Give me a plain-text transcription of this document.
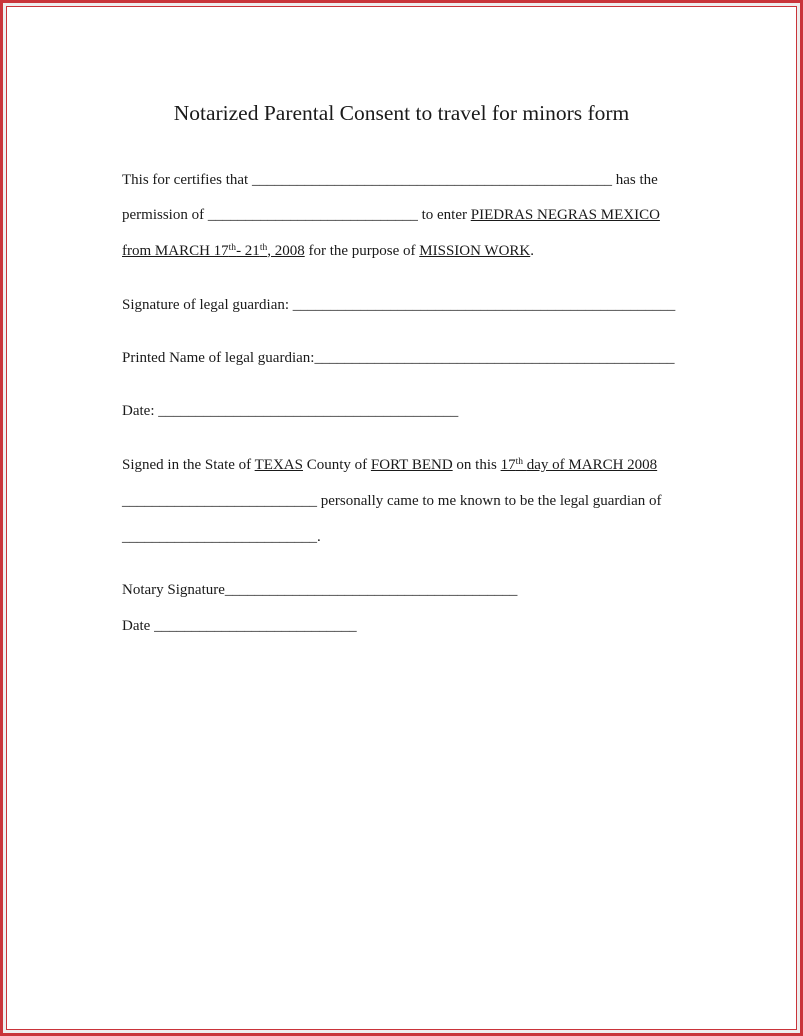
Notarized Parental Consent to travel for minors form
This for certifies that ________________________________________________ has the
permission of ____________________________ to enter PIEDRAS NEGRAS MEXICO
from MARCH 17th- 21th, 2008 for the purpose of MISSION WORK.
Signature of legal guardian: ___________________________________________________
Printed Name of legal guardian:________________________________________________
Date: ________________________________________
Signed in the State of TEXAS County of FORT BEND on this 17th day of MARCH 2008
__________________________ personally came to me known to be the legal guardian of
__________________________.
Notary Signature_______________________________________
Date ___________________________
